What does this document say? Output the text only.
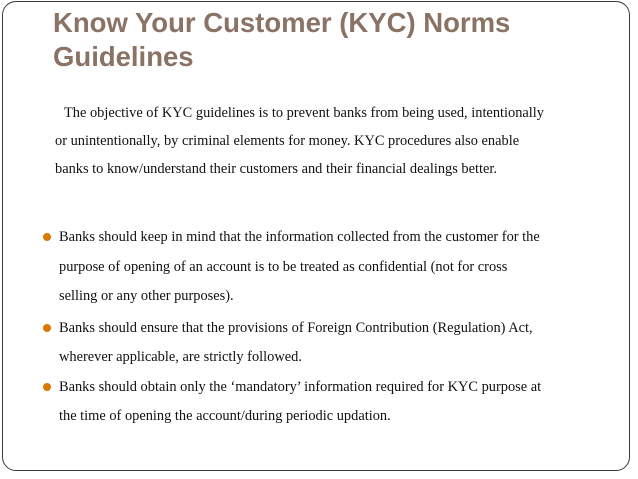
Know Your Customer (KYC) Norms
Guidelines
The objective of KYC guidelines is to prevent banks from being used, intentionally
or unintentionally, by criminal elements for money. KYC procedures also enable
banks to know/understand their customers and their financial dealings better.
Banks should keep in mind that the information collected from the customer for the
purpose of opening of an account is to be treated as confidential (not for cross
selling or any other purposes).
Banks should ensure that the provisions of Foreign Contribution (Regulation) Act,
wherever applicable, are strictly followed.
Banks should obtain only the ‘mandatory’ information required for KYC purpose at
the time of opening the account/during periodic updation.
